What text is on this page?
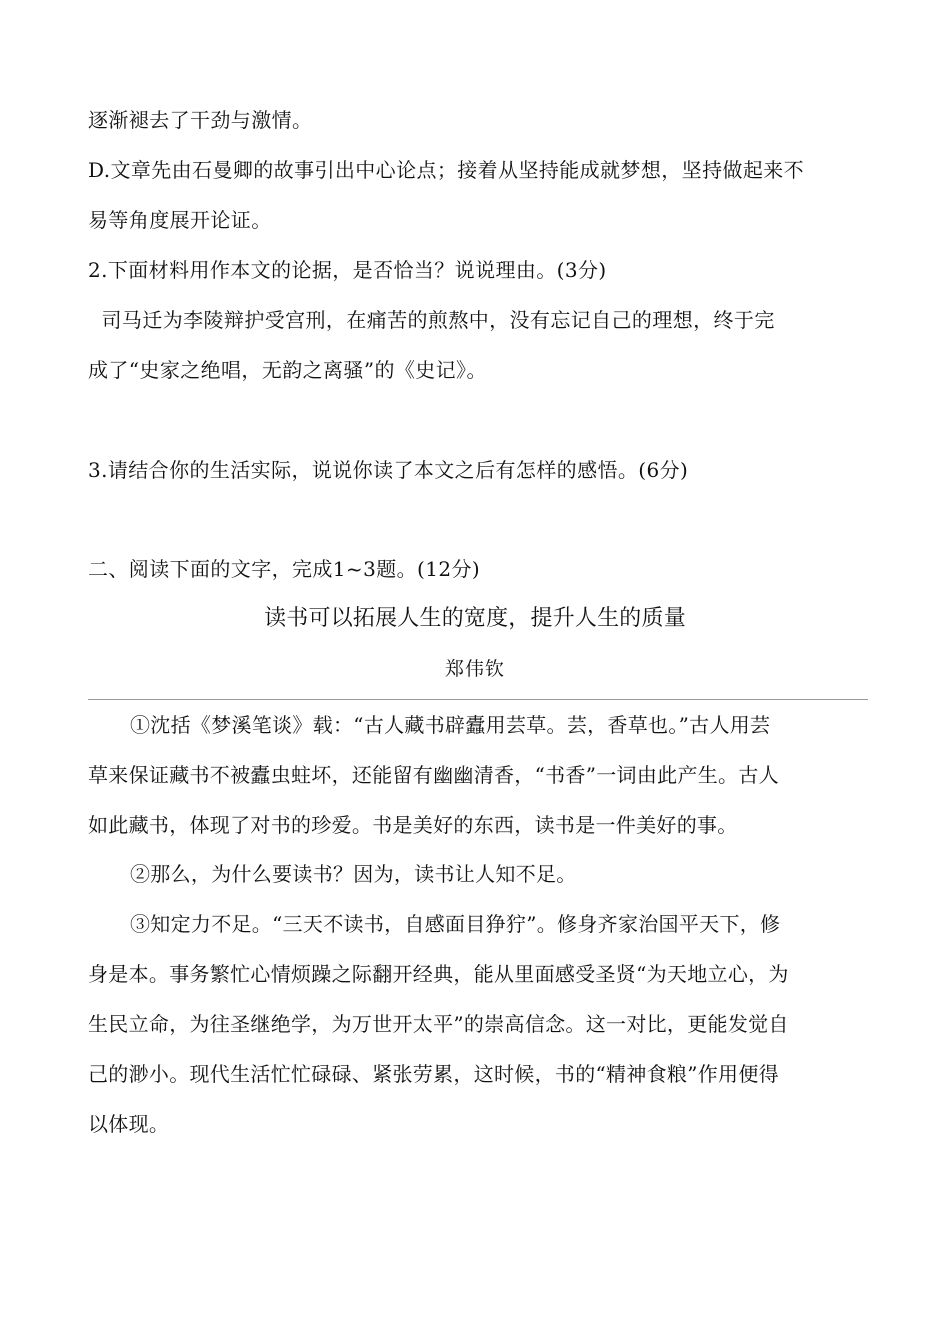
逐渐褪去了干劲与激情。
D.文章先由石曼卿的故事引出中心论点；接着从坚持能成就梦想，坚持做起来不
易等角度展开论证。
2.下面材料用作本文的论据，是否恰当？说说理由。(3分)
司马迁为李陵辩护受宫刑，在痛苦的煎熬中，没有忘记自己的理想，终于完
成了“史家之绝唱，无韵之离骚”的《史记》。
3.请结合你的生活实际，说说你读了本文之后有怎样的感悟。(6分)
二、阅读下面的文字，完成1~3题。(12分)
读书可以拓展人生的宽度，提升人生的质量
郑伟钦
①沈括《梦溪笔谈》载：“古人藏书辟蠹用芸草。芸，香草也。”古人用芸
草来保证藏书不被蠹虫蛀坏，还能留有幽幽清香，“书香”一词由此产生。古人
如此藏书，体现了对书的珍爱。书是美好的东西，读书是一件美好的事。
②那么，为什么要读书？因为，读书让人知不足。
③知定力不足。“三天不读书，自感面目狰狞”。修身齐家治国平天下，修
身是本。事务繁忙心情烦躁之际翻开经典，能从里面感受圣贤“为天地立心，为
生民立命，为往圣继绝学，为万世开太平”的崇高信念。这一对比，更能发觉自
己的渺小。现代生活忙忙碌碌、紧张劳累，这时候，书的“精神食粮”作用便得
以体现。
